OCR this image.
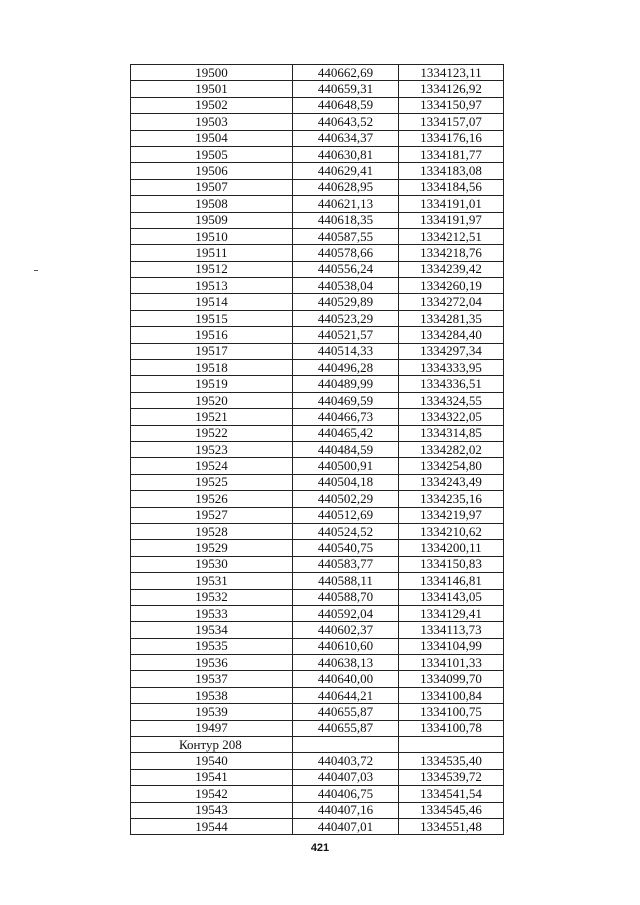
19500	440662,69	1334123,11
19501	440659,31	1334126,92
19502	440648,59	1334150,97
19503	440643,52	1334157,07
19504	440634,37	1334176,16
19505	440630,81	1334181,77
19506	440629,41	1334183,08
19507	440628,95	1334184,56
19508	440621,13	1334191,01
19509	440618,35	1334191,97
19510	440587,55	1334212,51
19511	440578,66	1334218,76
19512	440556,24	1334239,42
19513	440538,04	1334260,19
19514	440529,89	1334272,04
19515	440523,29	1334281,35
19516	440521,57	1334284,40
19517	440514,33	1334297,34
19518	440496,28	1334333,95
19519	440489,99	1334336,51
19520	440469,59	1334324,55
19521	440466,73	1334322,05
19522	440465,42	1334314,85
19523	440484,59	1334282,02
19524	440500,91	1334254,80
19525	440504,18	1334243,49
19526	440502,29	1334235,16
19527	440512,69	1334219,97
19528	440524,52	1334210,62
19529	440540,75	1334200,11
19530	440583,77	1334150,83
19531	440588,11	1334146,81
19532	440588,70	1334143,05
19533	440592,04	1334129,41
19534	440602,37	1334113,73
19535	440610,60	1334104,99
19536	440638,13	1334101,33
19537	440640,00	1334099,70
19538	440644,21	1334100,84
19539	440655,87	1334100,75
19497	440655,87	1334100,78
Контур 208		
19540	440403,72	1334535,40
19541	440407,03	1334539,72
19542	440406,75	1334541,54
19543	440407,16	1334545,46
19544	440407,01	1334551,48
421
